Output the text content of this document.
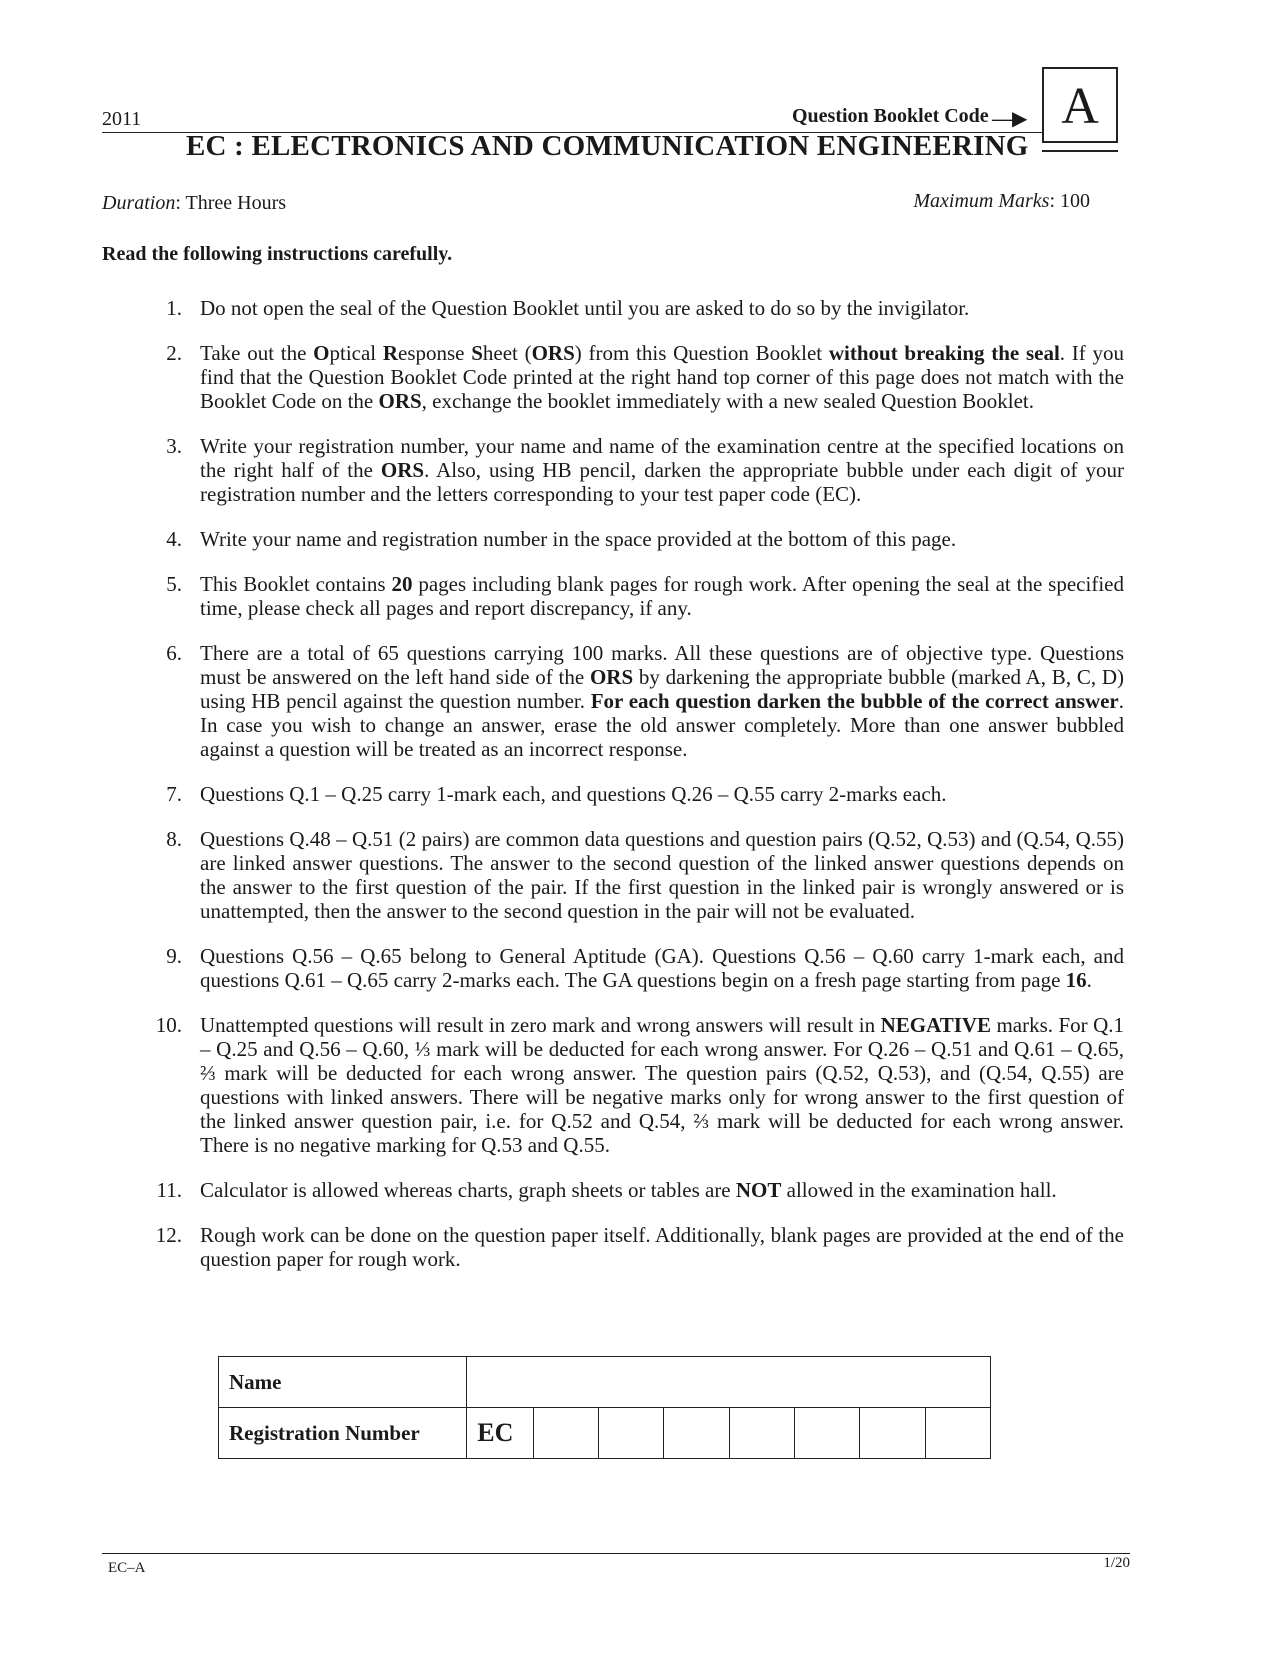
2011	Question Booklet Code —▶ A
EC : ELECTRONICS AND COMMUNICATION ENGINEERING
Duration: Three Hours	Maximum Marks: 100
Read the following instructions carefully.
1. Do not open the seal of the Question Booklet until you are asked to do so by the invigilator.
2. Take out the Optical Response Sheet (ORS) from this Question Booklet without breaking the seal. If you find that the Question Booklet Code printed at the right hand top corner of this page does not match with the Booklet Code on the ORS, exchange the booklet immediately with a new sealed Question Booklet.
3. Write your registration number, your name and name of the examination centre at the specified locations on the right half of the ORS. Also, using HB pencil, darken the appropriate bubble under each digit of your registration number and the letters corresponding to your test paper code (EC).
4. Write your name and registration number in the space provided at the bottom of this page.
5. This Booklet contains 20 pages including blank pages for rough work. After opening the seal at the specified time, please check all pages and report discrepancy, if any.
6. There are a total of 65 questions carrying 100 marks. All these questions are of objective type. Questions must be answered on the left hand side of the ORS by darkening the appropriate bubble (marked A, B, C, D) using HB pencil against the question number. For each question darken the bubble of the correct answer. In case you wish to change an answer, erase the old answer completely. More than one answer bubbled against a question will be treated as an incorrect response.
7. Questions Q.1 – Q.25 carry 1-mark each, and questions Q.26 – Q.55 carry 2-marks each.
8. Questions Q.48 – Q.51 (2 pairs) are common data questions and question pairs (Q.52, Q.53) and (Q.54, Q.55) are linked answer questions. The answer to the second question of the linked answer questions depends on the answer to the first question of the pair. If the first question in the linked pair is wrongly answered or is unattempted, then the answer to the second question in the pair will not be evaluated.
9. Questions Q.56 – Q.65 belong to General Aptitude (GA). Questions Q.56 – Q.60 carry 1-mark each, and questions Q.61 – Q.65 carry 2-marks each. The GA questions begin on a fresh page starting from page 16.
10. Unattempted questions will result in zero mark and wrong answers will result in NEGATIVE marks. For Q.1 – Q.25 and Q.56 – Q.60, ⅓ mark will be deducted for each wrong answer. For Q.26 – Q.51 and Q.61 – Q.65, ⅔ mark will be deducted for each wrong answer. The question pairs (Q.52, Q.53), and (Q.54, Q.55) are questions with linked answers. There will be negative marks only for wrong answer to the first question of the linked answer question pair, i.e. for Q.52 and Q.54, ⅔ mark will be deducted for each wrong answer. There is no negative marking for Q.53 and Q.55.
11. Calculator is allowed whereas charts, graph sheets or tables are NOT allowed in the examination hall.
12. Rough work can be done on the question paper itself. Additionally, blank pages are provided at the end of the question paper for rough work.
Name								
Registration Number	EC							
EC–A	1/20
